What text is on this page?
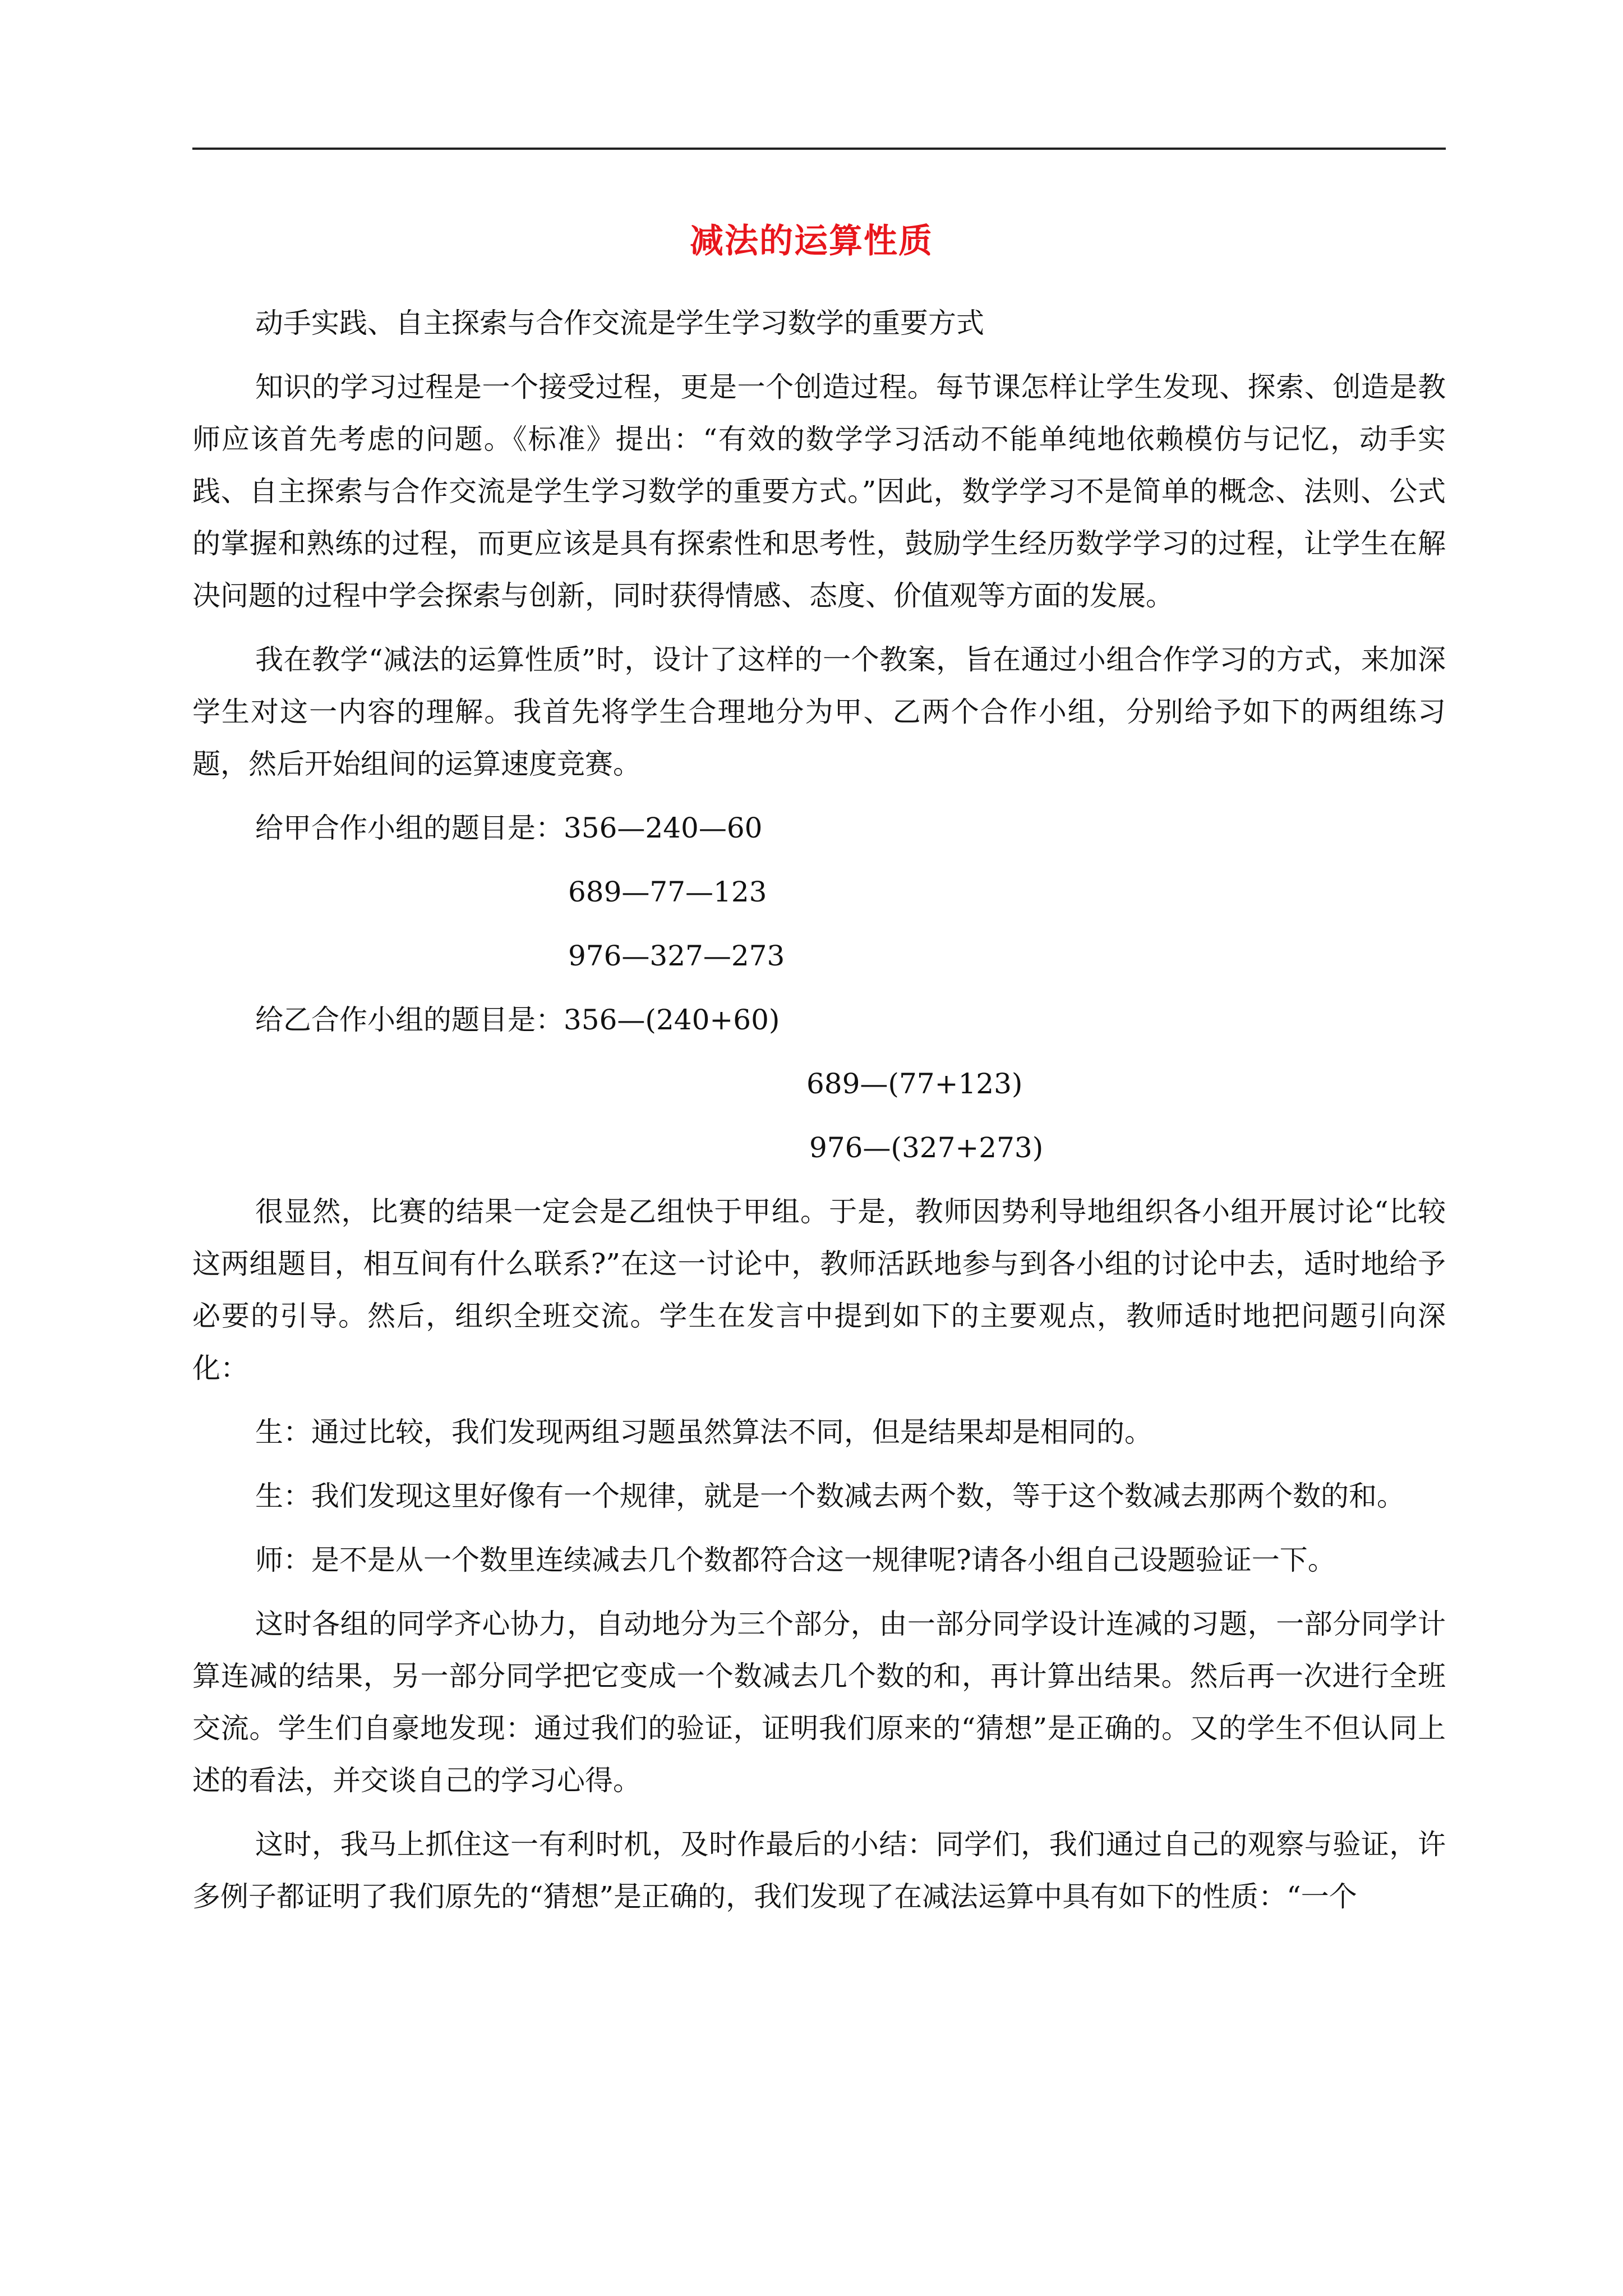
减法的运算性质

动手实践、自主探索与合作交流是学生学习数学的重要方式

知识的学习过程是一个接受过程，更是一个创造过程。每节课怎样让学生发现、探索、创造是教师应该首先考虑的问题。《标准》提出：“有效的数学学习活动不能单纯地依赖模仿与记忆，动手实践、自主探索与合作交流是学生学习数学的重要方式。”因此，数学学习不是简单的概念、法则、公式的掌握和熟练的过程，而更应该是具有探索性和思考性，鼓励学生经历数学学习的过程，让学生在解决问题的过程中学会探索与创新，同时获得情感、态度、价值观等方面的发展。

我在教学“减法的运算性质”时，设计了这样的一个教案，旨在通过小组合作学习的方式，来加深学生对这一内容的理解。我首先将学生合理地分为甲、乙两个合作小组，分别给予如下的两组练习题，然后开始组间的运算速度竞赛。

给甲合作小组的题目是：356—240—60
689—77—123
976—327—273
给乙合作小组的题目是：356—(240+60)
689—(77+123)
976—(327+273)

很显然，比赛的结果一定会是乙组快于甲组。于是，教师因势利导地组织各小组开展讨论“比较这两组题目，相互间有什么联系?”在这一讨论中，教师活跃地参与到各小组的讨论中去，适时地给予必要的引导。然后，组织全班交流。学生在发言中提到如下的主要观点，教师适时地把问题引向深化：

生：通过比较，我们发现两组习题虽然算法不同，但是结果却是相同的。

生：我们发现这里好像有一个规律，就是一个数减去两个数，等于这个数减去那两个数的和。

师：是不是从一个数里连续减去几个数都符合这一规律呢?请各小组自己设题验证一下。

这时各组的同学齐心协力，自动地分为三个部分，由一部分同学设计连减的习题，一部分同学计算连减的结果，另一部分同学把它变成一个数减去几个数的和，再计算出结果。然后再一次进行全班交流。学生们自豪地发现：通过我们的验证，证明我们原来的“猜想”是正确的。又的学生不但认同上述的看法，并交谈自己的学习心得。

这时，我马上抓住这一有利时机，及时作最后的小结：同学们，我们通过自己的观察与验证，许多例子都证明了我们原先的“猜想”是正确的，我们发现了在减法运算中具有如下的性质：“一个
